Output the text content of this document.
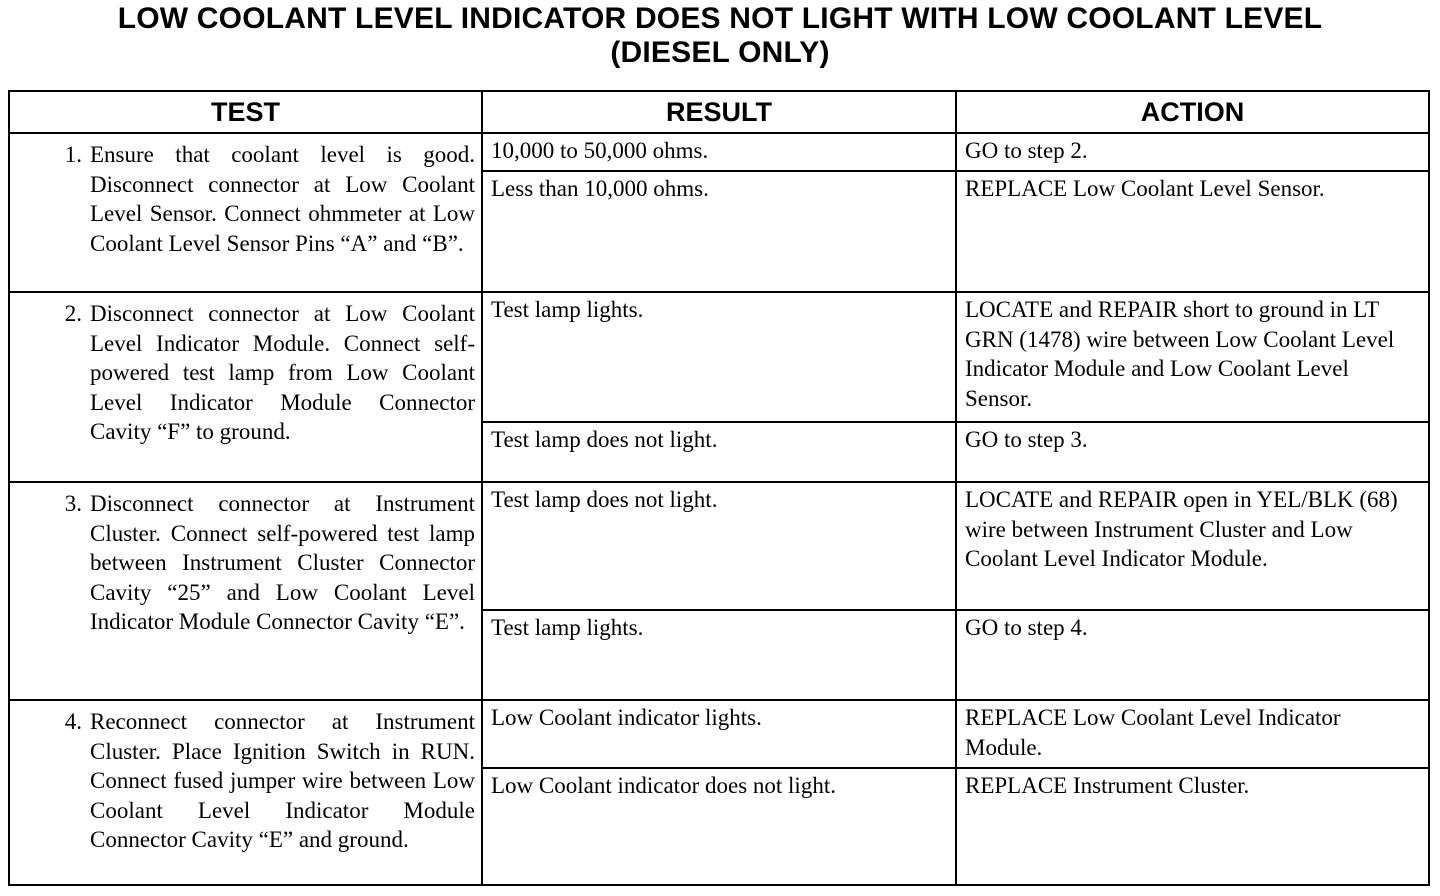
LOW COOLANT LEVEL INDICATOR DOES NOT LIGHT WITH LOW COOLANT LEVEL
(DIESEL ONLY)
TEST	RESULT	ACTION

1. Ensure that coolant level is good. Disconnect connector at Low Coolant Level Sensor. Connect ohmmeter at Low Coolant Level Sensor Pins “A” and “B”.	10,000 to 50,000 ohms.	GO to step 2.
	Less than 10,000 ohms.	REPLACE Low Coolant Level Sensor.

2. Disconnect connector at Low Coolant Level Indicator Module. Connect self-powered test lamp from Low Coolant Level Indicator Module Connector Cavity “F” to ground.	Test lamp lights.	LOCATE and REPAIR short to ground in LT GRN (1478) wire between Low Coolant Level Indicator Module and Low Coolant Level Sensor.
	Test lamp does not light.	GO to step 3.

3. Disconnect connector at Instrument Cluster. Connect self-powered test lamp between Instrument Cluster Connector Cavity “25” and Low Coolant Level Indicator Module Connector Cavity “E”.	Test lamp does not light.	LOCATE and REPAIR open in YEL/BLK (68) wire between Instrument Cluster and Low Coolant Level Indicator Module.
	Test lamp lights.	GO to step 4.

4. Reconnect connector at Instrument Cluster. Place Ignition Switch in RUN. Connect fused jumper wire between Low Coolant Level Indicator Module Connector Cavity “E” and ground.	Low Coolant indicator lights.	REPLACE Low Coolant Level Indicator Module.
	Low Coolant indicator does not light.	REPLACE Instrument Cluster.
